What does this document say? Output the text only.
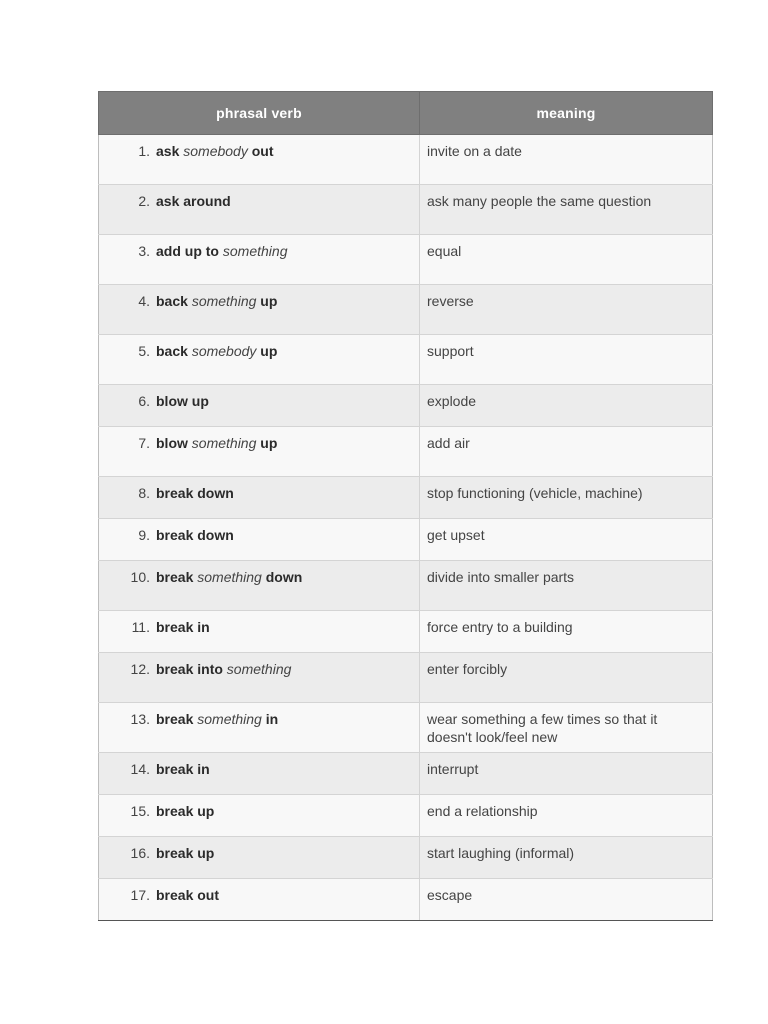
phrasal verb	meaning
1. ask somebody out	invite on a date
2. ask around	ask many people the same question
3. add up to something	equal
4. back something up	reverse
5. back somebody up	support
6. blow up	explode
7. blow something up	add air
8. break down	stop functioning (vehicle, machine)
9. break down	get upset
10. break something down	divide into smaller parts
11. break in	force entry to a building
12. break into something	enter forcibly
13. break something in	wear something a few times so that it doesn't look/feel new
14. break in	interrupt
15. break up	end a relationship
16. break up	start laughing (informal)
17. break out	escape
